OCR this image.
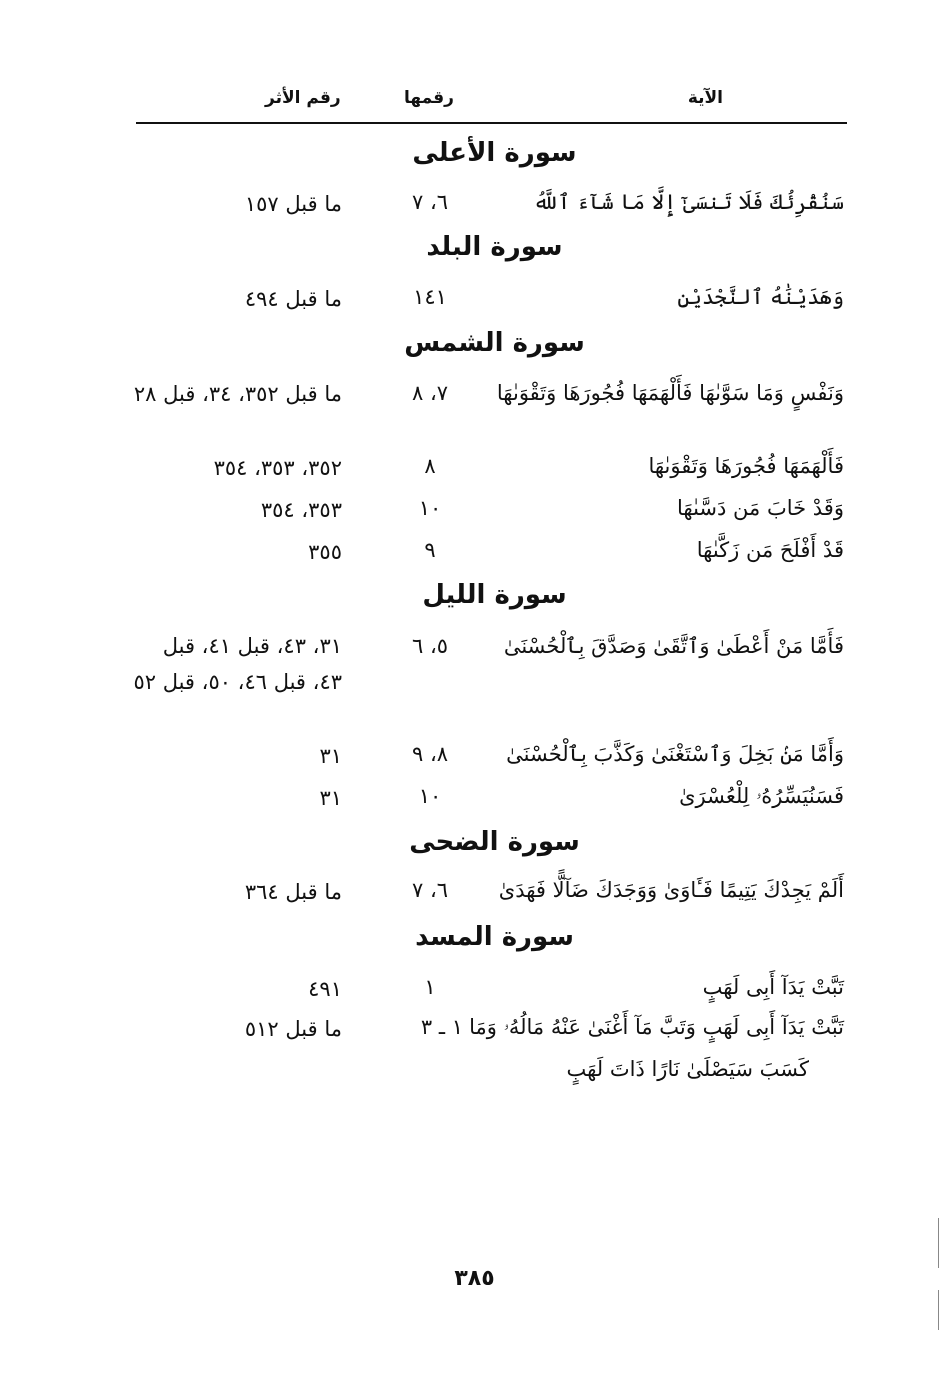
الآية
رقمها
رقم الأثر
سورة الأعلى
سَنُقْرِئُكَ فَلَا تَنسَىٰٓ إِلَّا مَا شَآءَ ٱللَّهُ
٦، ٧
ما قبل ١٥٧
سورة البلد
وَهَدَيْنَٰهُ ٱلنَّجْدَيْنِ
١٤١
ما قبل ٤٩٤
سورة الشمس
وَنَفْسٍ وَمَا سَوَّىٰهَا فَأَلْهَمَهَا فُجُورَهَا وَتَقْوَىٰهَا
٧، ٨
ما قبل ٣٥٢، ٣٤، قبل ٢٨
فَأَلْهَمَهَا فُجُورَهَا وَتَقْوَىٰهَا
٨
٣٥٢، ٣٥٣، ٣٥٤
وَقَدْ خَابَ مَن دَسَّىٰهَا
١٠
٣٥٣، ٣٥٤
قَدْ أَفْلَحَ مَن زَكَّىٰهَا
٩
٣٥٥
سورة الليل
فَأَمَّا مَنْ أَعْطَىٰ وَٱتَّقَىٰ وَصَدَّقَ بِٱلْحُسْنَىٰ
٥، ٦
٣١، ٤٣، قبل ٤١، قبل ٤٣، قبل ٤٦، ٥٠، قبل ٥٢
وَأَمَّا مَنۢ بَخِلَ وَٱسْتَغْنَىٰ وَكَذَّبَ بِٱلْحُسْنَىٰ
٨، ٩
٣١
فَسَنُيَسِّرُهُۥ لِلْعُسْرَىٰ
١٠
٣١
سورة الضحى
أَلَمْ يَجِدْكَ يَتِيمًا فَـَٔاوَىٰ وَوَجَدَكَ ضَآلًّا فَهَدَىٰ
٦، ٧
ما قبل ٣٦٤
سورة المسد
تَبَّتْ يَدَآ أَبِى لَهَبٍ
١
٤٩١
تَبَّتْ يَدَآ أَبِى لَهَبٍ وَتَبَّ مَآ أَغْنَىٰ عَنْهُ مَالُهُۥ وَمَا
كَسَبَ سَيَصْلَىٰ نَارًا ذَاتَ لَهَبٍ
١ ـ ٣
ما قبل ٥١٢
٣٨٥
